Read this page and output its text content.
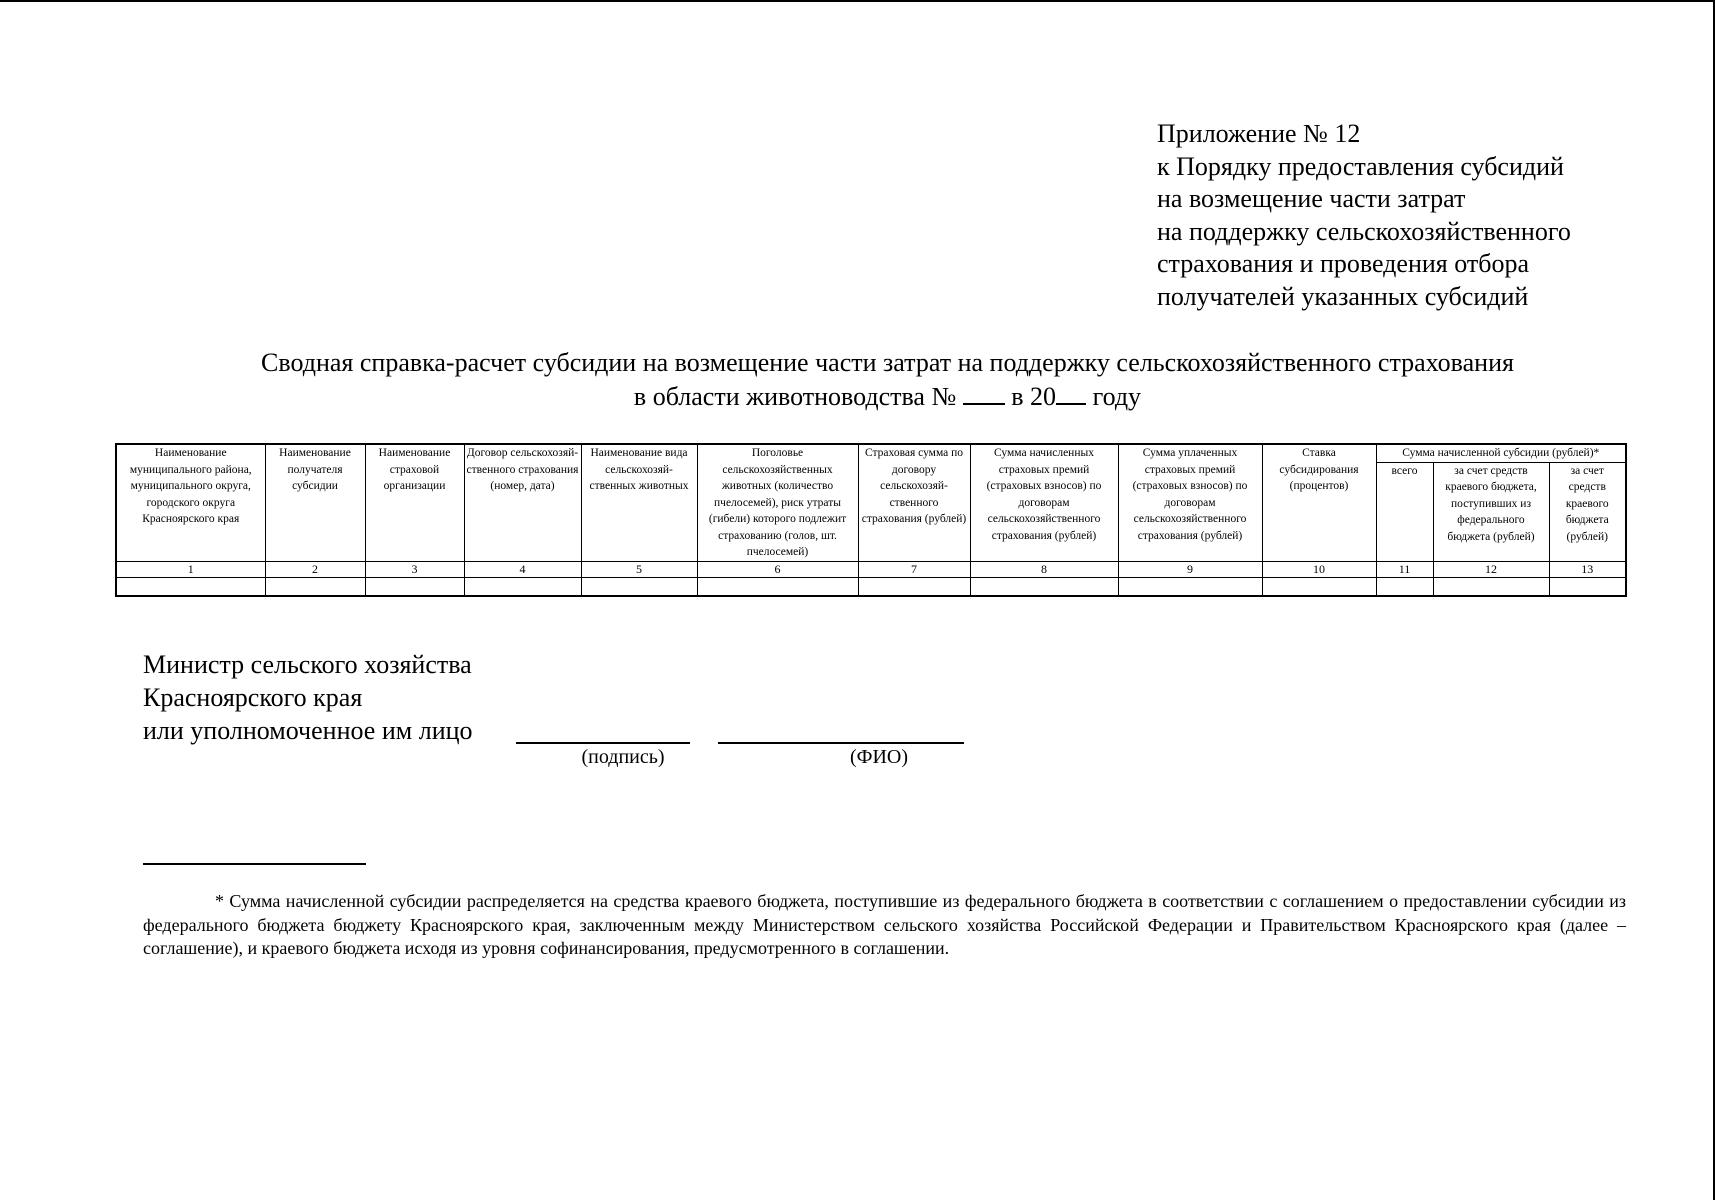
Приложение № 12
к Порядку предоставления субсидий
на возмещение части затрат
на поддержку сельскохозяйственного
страхования и проведения отбора
получателей указанных субсидий
Сводная справка-расчет субсидии на возмещение части затрат на поддержку сельскохозяйственного страхования
в области животноводства № в 20 году
Наименование муниципального района, муниципального округа, городского округа Красноярского края	Наименование получателя субсидии	Наименование страховой организации	Договор сельскохозяй-ственного страхования (номер, дата)	Наименование вида сельскохозяй-ственных животных	Поголовье сельскохозяйственных животных (количество пчелосемей), риск утраты (гибели) которого подлежит страхованию (голов, шт. пчелосемей)	Страховая сумма по договору сельскохозяй-ственного страхования (рублей)	Сумма начисленных страховых премий (страховых взносов) по договорам сельскохозяйственного страхования (рублей)	Сумма уплаченных страховых премий (страховых взносов) по договорам сельскохозяйственного страхования (рублей)	Ставка субсидирования (процентов)	Сумма начисленной субсидии (рублей)*		
										всего	за счет средств краевого бюджета, поступивших из федерального бюджета (рублей)	за счет средств краевого бюджета (рублей)
1	2	3	4	5	6	7	8	9	10	11	12	13

Министр сельского хозяйства
Красноярского края
или уполномоченное им лицо
(подпись)	(ФИО)
* Сумма начисленной субсидии распределяется на средства краевого бюджета, поступившие из федерального бюджета в соответствии с соглашением о предоставлении субсидии из федерального бюджета бюджету Красноярского края, заключенным между Министерством сельского хозяйства Российской Федерации и Правительством Красноярского края (далее – соглашение), и краевого бюджета исходя из уровня софинансирования, предусмотренного в соглашении.
